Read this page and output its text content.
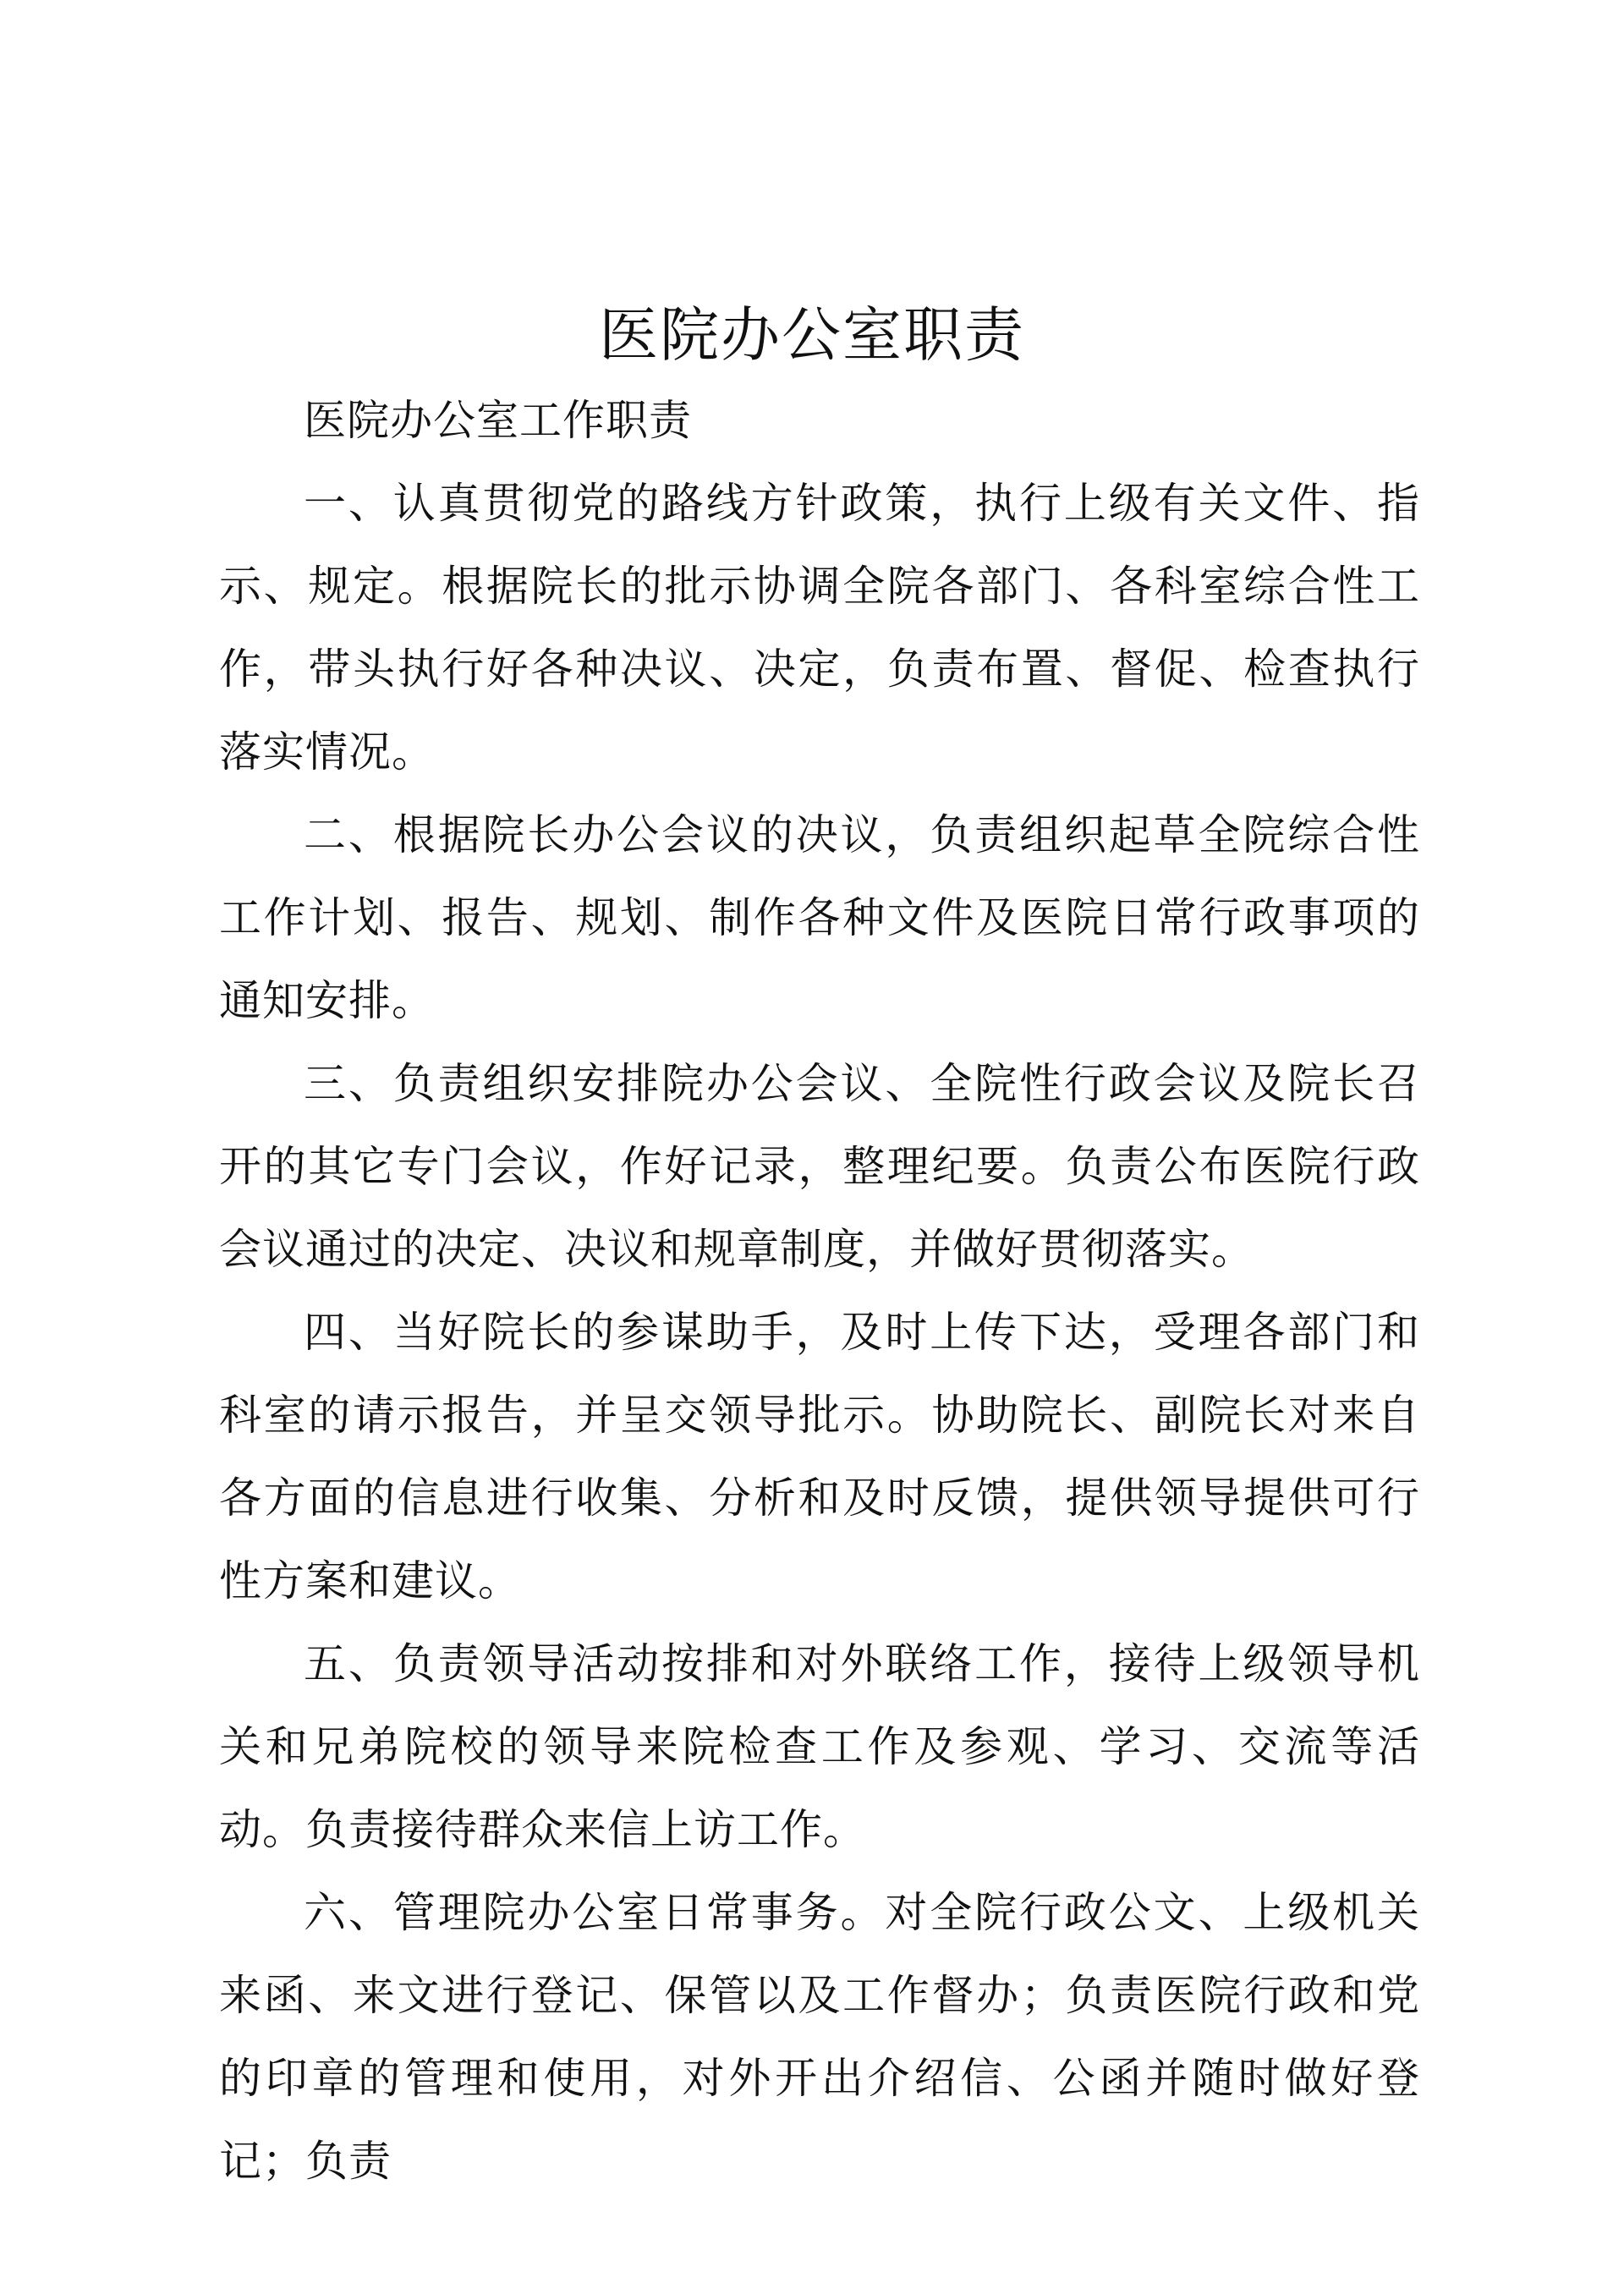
医院办公室职责

医院办公室工作职责

一、认真贯彻党的路线方针政策，执行上级有关文件、指示、规定。根据院长的批示协调全院各部门、各科室综合性工作，带头执行好各种决议、决定，负责布置、督促、检查执行落实情况。

二、根据院长办公会议的决议，负责组织起草全院综合性工作计划、报告、规划、制作各种文件及医院日常行政事项的通知安排。

三、负责组织安排院办公会议、全院性行政会议及院长召开的其它专门会议，作好记录，整理纪要。负责公布医院行政会议通过的决定、决议和规章制度，并做好贯彻落实。

四、当好院长的参谋助手，及时上传下达，受理各部门和科室的请示报告，并呈交领导批示。协助院长、副院长对来自各方面的信息进行收集、分析和及时反馈，提供领导提供可行性方案和建议。

五、负责领导活动按排和对外联络工作，接待上级领导机关和兄弟院校的领导来院检查工作及参观、学习、交流等活动。负责接待群众来信上访工作。

六、管理院办公室日常事务。对全院行政公文、上级机关来函、来文进行登记、保管以及工作督办；负责医院行政和党的印章的管理和使用，对外开出介绍信、公函并随时做好登记；负责
